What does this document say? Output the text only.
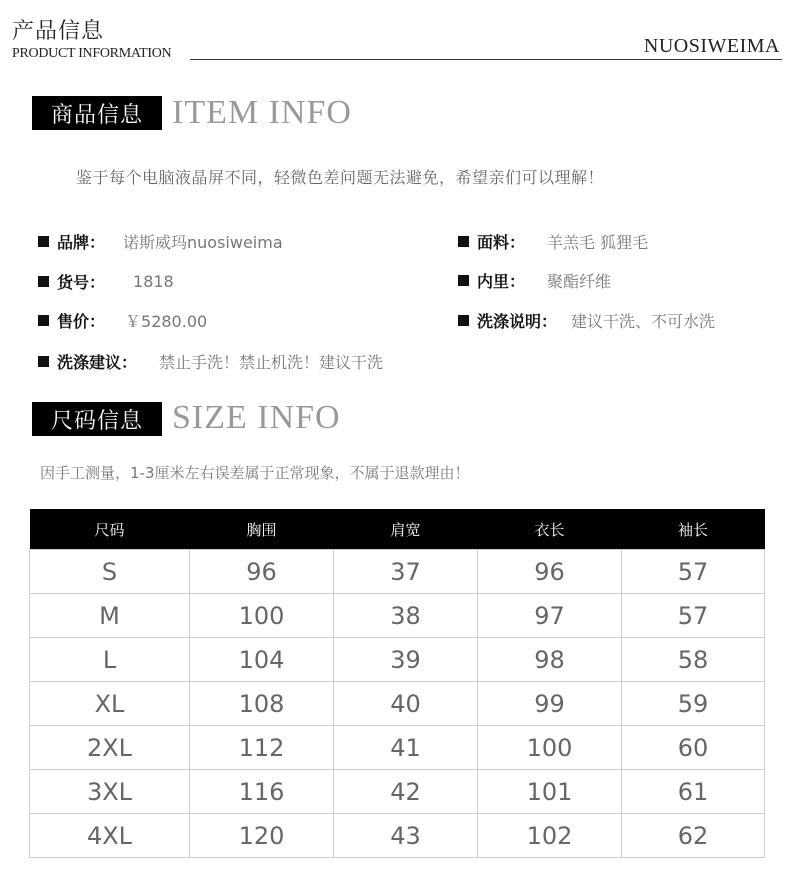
产品信息
PRODUCT INFORMATION	NUOSIWEIMA
商品信息 ITEM INFO
鉴于每个电脑液晶屏不同，轻微色差问题无法避免，希望亲们可以理解！
品牌： 诺斯威玛nuosiweima	面料： 羊羔毛 狐狸毛
货号： 1818	内里： 聚酯纤维
售价： ￥5280.00	洗涤说明： 建议干洗、不可水洗
洗涤建议： 禁止手洗！禁止机洗！建议干洗
尺码信息 SIZE INFO
因手工测量，1-3厘米左右误差属于正常现象，不属于退款理由！
尺码	胸围	肩宽	衣长	袖长
S	96	37	96	57
M	100	38	97	57
L	104	39	98	58
XL	108	40	99	59
2XL	112	41	100	60
3XL	116	42	101	61
4XL	120	43	102	62
